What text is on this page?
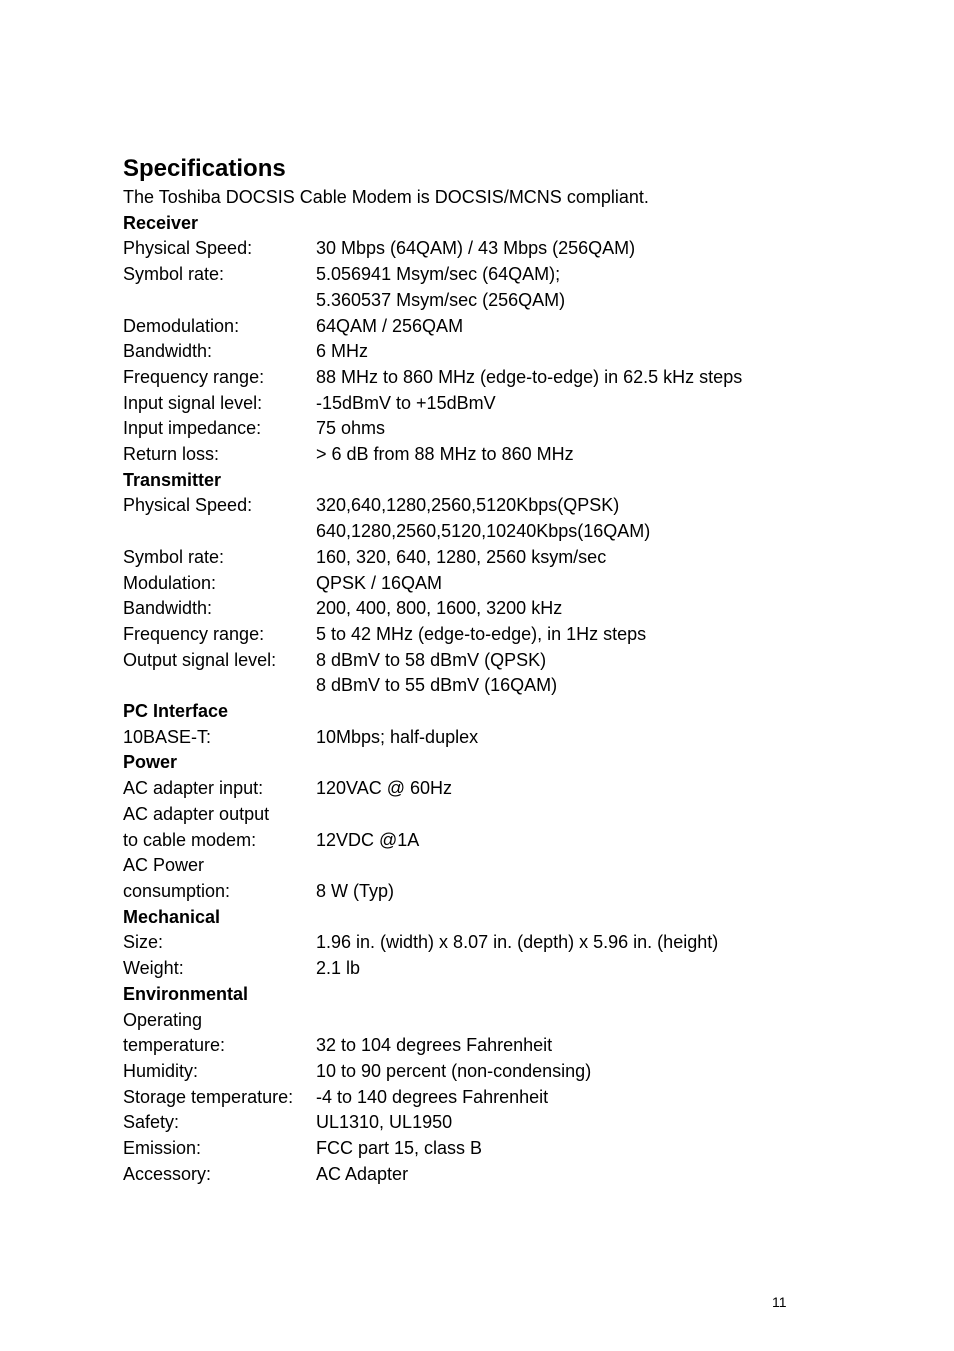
Specifications

The Toshiba DOCSIS Cable Modem is DOCSIS/MCNS compliant.

Receiver
Physical Speed:	30 Mbps (64QAM) / 43 Mbps (256QAM)
Symbol rate:	5.056941 Msym/sec (64QAM);
5.360537 Msym/sec (256QAM)
Demodulation:	64QAM / 256QAM
Bandwidth:	6 MHz
Frequency range:	88 MHz to 860 MHz (edge-to-edge) in 62.5 kHz steps
Input signal level:	-15dBmV to +15dBmV
Input impedance:	75 ohms
Return loss:	> 6 dB from 88 MHz to 860 MHz
Transmitter
Physical Speed:	320,640,1280,2560,5120Kbps(QPSK)
640,1280,2560,5120,10240Kbps(16QAM)
Symbol rate:	160, 320, 640, 1280, 2560 ksym/sec
Modulation:	QPSK / 16QAM
Bandwidth:	200, 400, 800, 1600, 3200 kHz
Frequency range:	5 to 42 MHz (edge-to-edge), in 1Hz steps
Output signal level:	8 dBmV to 58 dBmV (QPSK)
8 dBmV to 55 dBmV (16QAM)
PC Interface
10BASE-T:	10Mbps; half-duplex
Power
AC adapter input:	120VAC @ 60Hz
AC adapter output
to cable modem:	12VDC @1A
AC Power
consumption:	8 W (Typ)
Mechanical
Size:	1.96 in. (width) x 8.07 in. (depth) x 5.96 in. (height)
Weight:	2.1 lb
Environmental
Operating
temperature:	32 to 104 degrees Fahrenheit
Humidity:	10 to 90 percent (non-condensing)
Storage temperature:	-4 to 140 degrees Fahrenheit
Safety:	UL1310, UL1950
Emission:	FCC part 15, class B
Accessory:	AC Adapter
11
